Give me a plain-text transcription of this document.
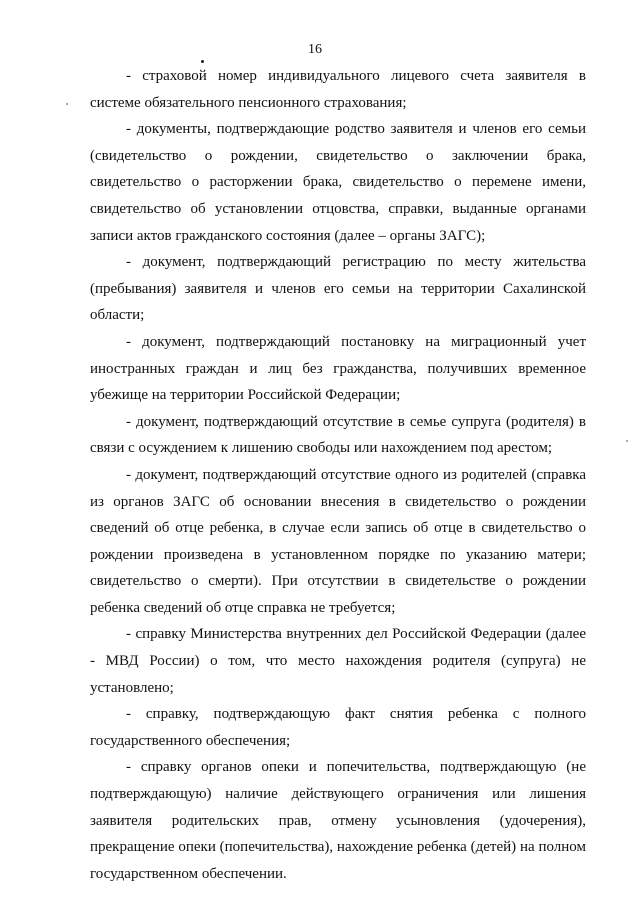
16

- страховой номер индивидуального лицевого счета заявителя в системе обязательного пенсионного страхования;

- документы, подтверждающие родство заявителя и членов его семьи (свидетельство о рождении, свидетельство о заключении брака, свидетельство о расторжении брака, свидетельство о перемене имени, свидетельство об установлении отцовства, справки, выданные органами записи актов гражданского состояния (далее – органы ЗАГС);

- документ, подтверждающий регистрацию по месту жительства (пребывания) заявителя и членов его семьи на территории Сахалинской области;

- документ, подтверждающий постановку на миграционный учет иностранных граждан и лиц без гражданства, получивших временное убежище на территории Российской Федерации;

- документ, подтверждающий отсутствие в семье супруга (родителя) в связи с осуждением к лишению свободы или нахождением под арестом;

- документ, подтверждающий отсутствие одного из родителей (справка из органов ЗАГС об основании внесения в свидетельство о рождении сведений об отце ребенка, в случае если запись об отце в свидетельство о рождении произведена в установленном порядке по указанию матери; свидетельство о смерти). При отсутствии в свидетельстве о рождении ребенка сведений об отце справка не требуется;

- справку Министерства внутренних дел Российской Федерации (далее - МВД России) о том, что место нахождения родителя (супруга) не установлено;

- справку, подтверждающую факт снятия ребенка с полного государственного обеспечения;

- справку органов опеки и попечительства, подтверждающую (не подтверждающую) наличие действующего ограничения или лишения заявителя родительских прав, отмену усыновления (удочерения), прекращение опеки (попечительства), нахождение ребенка (детей) на полном государственном обеспечении.
